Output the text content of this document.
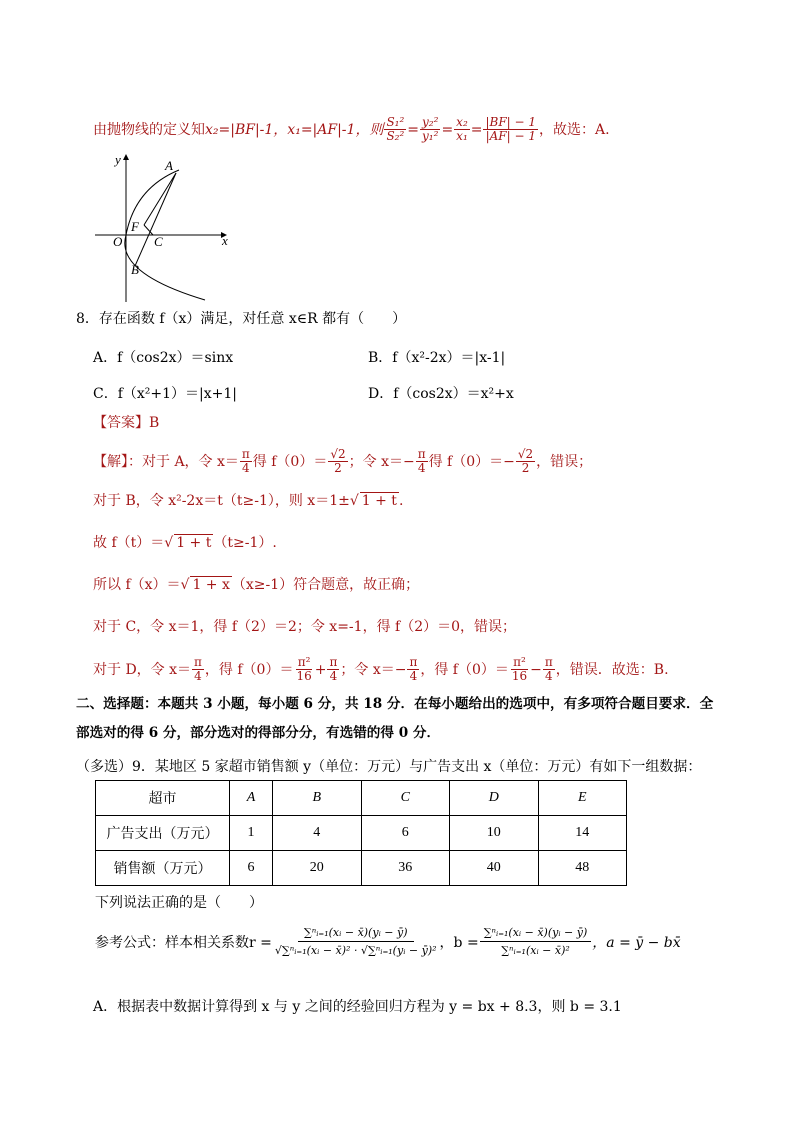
由抛物线的定义知 x₂=|BF|-1，x₁=|AF|-1，则 $\frac{\text{S₁²}}{\text{S₂²}} = \frac{\text{y₂²}}{\text{y₁²}} = \frac{\text{x₂}}{\text{x₁}} = \frac{|BF| - 1}{|AF| - 1}$ ，故选：A.
y	A
F
O C	x
B
8．存在函数 f（x）满足，对任意 x∈R 都有（　　）
A．f（cos2x）＝sinx	B．f（x²-2x）＝|x-1|
C．f（x²+1）＝|x+1|	D．f（cos2x）＝x²+x
【答案】B
【解】：对于 A，令 $x= \frac{\pi}{4}$ 得 $f(0)= \frac{√2}{2}$ ；令 $x=- \frac{\pi}{4}$ 得 $f(0)=- \frac{√2}{2}$ ，错误；
对于 B，令 x²-2x＝t（t≥-1），则 x＝1±√ 1 + t .
故 f（t）＝√ 1 + t （t≥-1）.
所以 f（x）＝√ 1 + x （x≥-1）符合题意，故正确；
对于 C，令 x＝1，得 f（2）＝2；令 x=-1，得 f（2）＝0，错误；
对于 D，令 $x= \frac{\pi}{4}$ ，得 $f(0)= \frac{\text{π²}}{16} + \frac{\pi}{4}$ ；令 $x=- \frac{\pi}{4}$ ，得 $f(0)= \frac{\text{π²}}{16} - \frac{\pi}{4}$ ，错误．故选：B.
二、选择题：本题共 3 小题，每小题 6 分，共 18 分．在每小题给出的选项中，有多项符合题目要求．全
部选对的得 6 分，部分选对的得部分分，有选错的得 0 分．
（多选）9．某地区 5 家超市销售额 y（单位：万元）与广告支出 x（单位：万元）有如下一组数据：
超市	A	B	C	D	E
广告支出（万元）	1	4	6	10	14
销售额（万元）	6	20	36	40	48
下列说法正确的是（　　）
参考公式：样本相关系数$r = \frac{\text{∑ⁿᵢ₌₁(xᵢ − x̄)(yᵢ − ȳ)}}{\text{√∑ⁿᵢ₌₁(xᵢ − x̄)² · √∑ⁿᵢ₌₁(yᵢ − ȳ)²}}$ ，$b = \frac{\text{∑ⁿᵢ₌₁(xᵢ − x̄)(yᵢ − ȳ)}}{\text{∑ⁿᵢ₌₁(xᵢ − x̄)²}}$ ，a = ȳ − bx̄
A．根据表中数据计算得到 x 与 y 之间的经验回归方程为 y = bx + 8.3，则 b = 3.1
